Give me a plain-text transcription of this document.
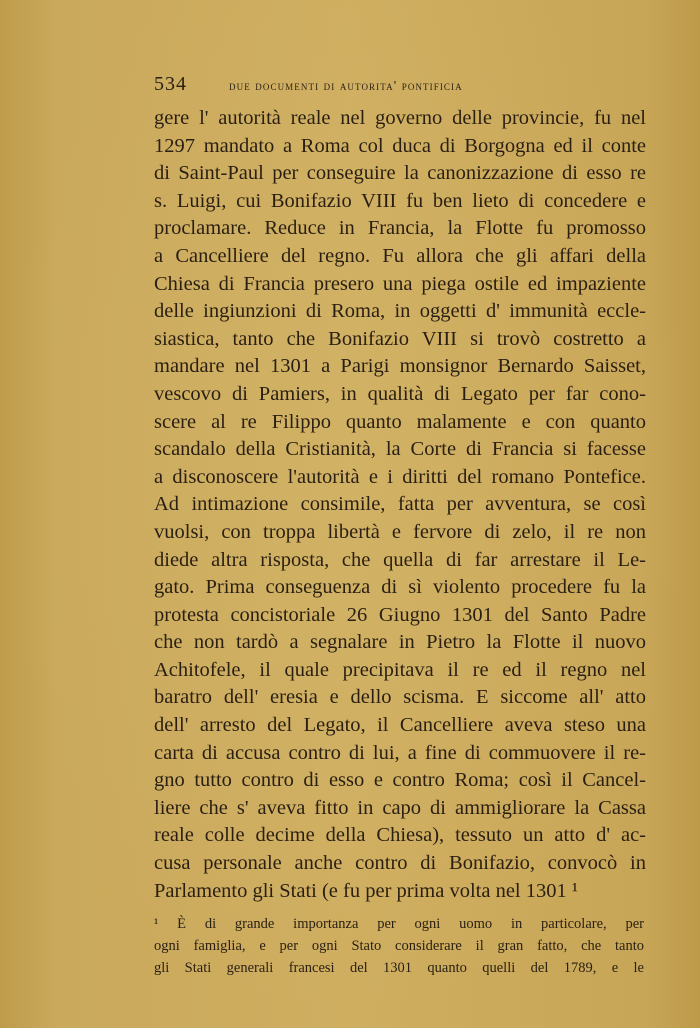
534	due documenti di autorita' pontificia
gere l' autorità reale nel governo delle provincie, fu nel
1297 mandato a Roma col duca di Borgogna ed il conte
di Saint-Paul per conseguire la canonizzazione di esso re
s. Luigi, cui Bonifazio VIII fu ben lieto di concedere e
proclamare. Reduce in Francia, la Flotte fu promosso
a Cancelliere del regno. Fu allora che gli affari della
Chiesa di Francia presero una piega ostile ed impaziente
delle ingiunzioni di Roma, in oggetti d' immunità eccle-
siastica, tanto che Bonifazio VIII si trovò costretto a
mandare nel 1301 a Parigi monsignor Bernardo Saisset,
vescovo di Pamiers, in qualità di Legato per far cono-
scere al re Filippo quanto malamente e con quanto
scandalo della Cristianità, la Corte di Francia si facesse
a disconoscere l'autorità e i diritti del romano Pontefice.
Ad intimazione consimile, fatta per avventura, se così
vuolsi, con troppa libertà e fervore di zelo, il re non
diede altra risposta, che quella di far arrestare il Le-
gato. Prima conseguenza di sì violento procedere fu la
protesta concistoriale 26 Giugno 1301 del Santo Padre
che non tardò a segnalare in Pietro la Flotte il nuovo
Achitofele, il quale precipitava il re ed il regno nel
baratro dell' eresia e dello scisma. E siccome all' atto
dell' arresto del Legato, il Cancelliere aveva steso una
carta di accusa contro di lui, a fine di commuovere il re-
gno tutto contro di esso e contro Roma; così il Cancel-
liere che s' aveva fitto in capo di ammigliorare la Cassa
reale colle decime della Chiesa), tessuto un atto d' ac-
cusa personale anche contro di Bonifazio, convocò in
Parlamento gli Stati (e fu per prima volta nel 1301 ¹
¹ È di grande importanza per ogni uomo in particolare, per
ogni famiglia, e per ogni Stato considerare il gran fatto, che tanto
gli Stati generali francesi del 1301 quanto quelli del 1789, e le
